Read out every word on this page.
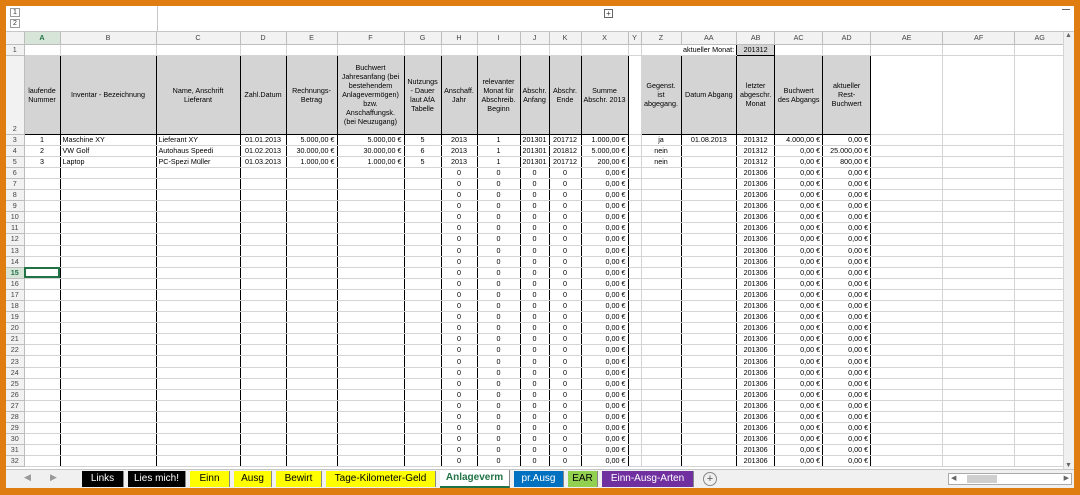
1
2
+
	A	B	C	D	E	F	G	H	I	J	K	X	Y	Z	AA	AB	AC	AD	AE	AF	AG	
1															aktueller Monat:	201312						
2	laufende Nummer	Inventar - Bezeichnung	Name, Anschrift Lieferant	Zahl.Datum	Rechnungs-Betrag	Buchwert Jahresanfang (bei bestehendem Anlagevermögen) bzw. Anschaffungsk. (bei Neuzugang)	Nutzungs - Dauer laut AfA Tabelle	Anschaff. Jahr	relevanter Monat für Abschreib. Beginn	Abschr. Anfang	Abschr. Ende	Summe Abschr. 2013		Gegenst. ist abgegang.	Datum Abgang	letzter abgeschr. Monat	Buchwert des Abgangs	aktueller Rest-Buchwert				
3	1	Maschine XY	Lieferant XY	01.01.2013	5.000,00 €	5.000,00 €	5	2013	1	201301	201712	1.000,00 €		ja	01.08.2013	201312	4.000,00 €	0,00 €				
4	2	VW Golf	Autohaus Speedi	01.02.2013	30.000,00 €	30.000,00 €	6	2013	1	201301	201812	5.000,00 €		nein		201312	0,00 €	25.000,00 €				
5	3	Laptop	PC-Spezi Müller	01.03.2013	1.000,00 €	1.000,00 €	5	2013	1	201301	201712	200,00 €		nein		201312	0,00 €	800,00 €				
6								0	0	0	0	0,00 €				201306	0,00 €	0,00 €				
7								0	0	0	0	0,00 €				201306	0,00 €	0,00 €				
8								0	0	0	0	0,00 €				201306	0,00 €	0,00 €				
9								0	0	0	0	0,00 €				201306	0,00 €	0,00 €				
10								0	0	0	0	0,00 €				201306	0,00 €	0,00 €				
11								0	0	0	0	0,00 €				201306	0,00 €	0,00 €				
12								0	0	0	0	0,00 €				201306	0,00 €	0,00 €				
13								0	0	0	0	0,00 €				201306	0,00 €	0,00 €				
14								0	0	0	0	0,00 €				201306	0,00 €	0,00 €				
15								0	0	0	0	0,00 €				201306	0,00 €	0,00 €				
16								0	0	0	0	0,00 €				201306	0,00 €	0,00 €				
17								0	0	0	0	0,00 €				201306	0,00 €	0,00 €				
18								0	0	0	0	0,00 €				201306	0,00 €	0,00 €				
19								0	0	0	0	0,00 €				201306	0,00 €	0,00 €				
20								0	0	0	0	0,00 €				201306	0,00 €	0,00 €				
21								0	0	0	0	0,00 €				201306	0,00 €	0,00 €				
22								0	0	0	0	0,00 €				201306	0,00 €	0,00 €				
23								0	0	0	0	0,00 €				201306	0,00 €	0,00 €				
24								0	0	0	0	0,00 €				201306	0,00 €	0,00 €				
25								0	0	0	0	0,00 €				201306	0,00 €	0,00 €				
26								0	0	0	0	0,00 €				201306	0,00 €	0,00 €				
27								0	0	0	0	0,00 €				201306	0,00 €	0,00 €				
28								0	0	0	0	0,00 €				201306	0,00 €	0,00 €				
29								0	0	0	0	0,00 €				201306	0,00 €	0,00 €				
30								0	0	0	0	0,00 €				201306	0,00 €	0,00 €				
31								0	0	0	0	0,00 €				201306	0,00 €	0,00 €				
32								0	0	0	0	0,00 €				201306	0,00 €	0,00 €				
▲
▼
◀ ▶	Links	Lies mich!	Einn	Ausg	Bewirt	Tage-Kilometer-Geld	Anlageverm	pr.Ausg	EAR	Einn-Ausg-Arten	+	◀	▶
